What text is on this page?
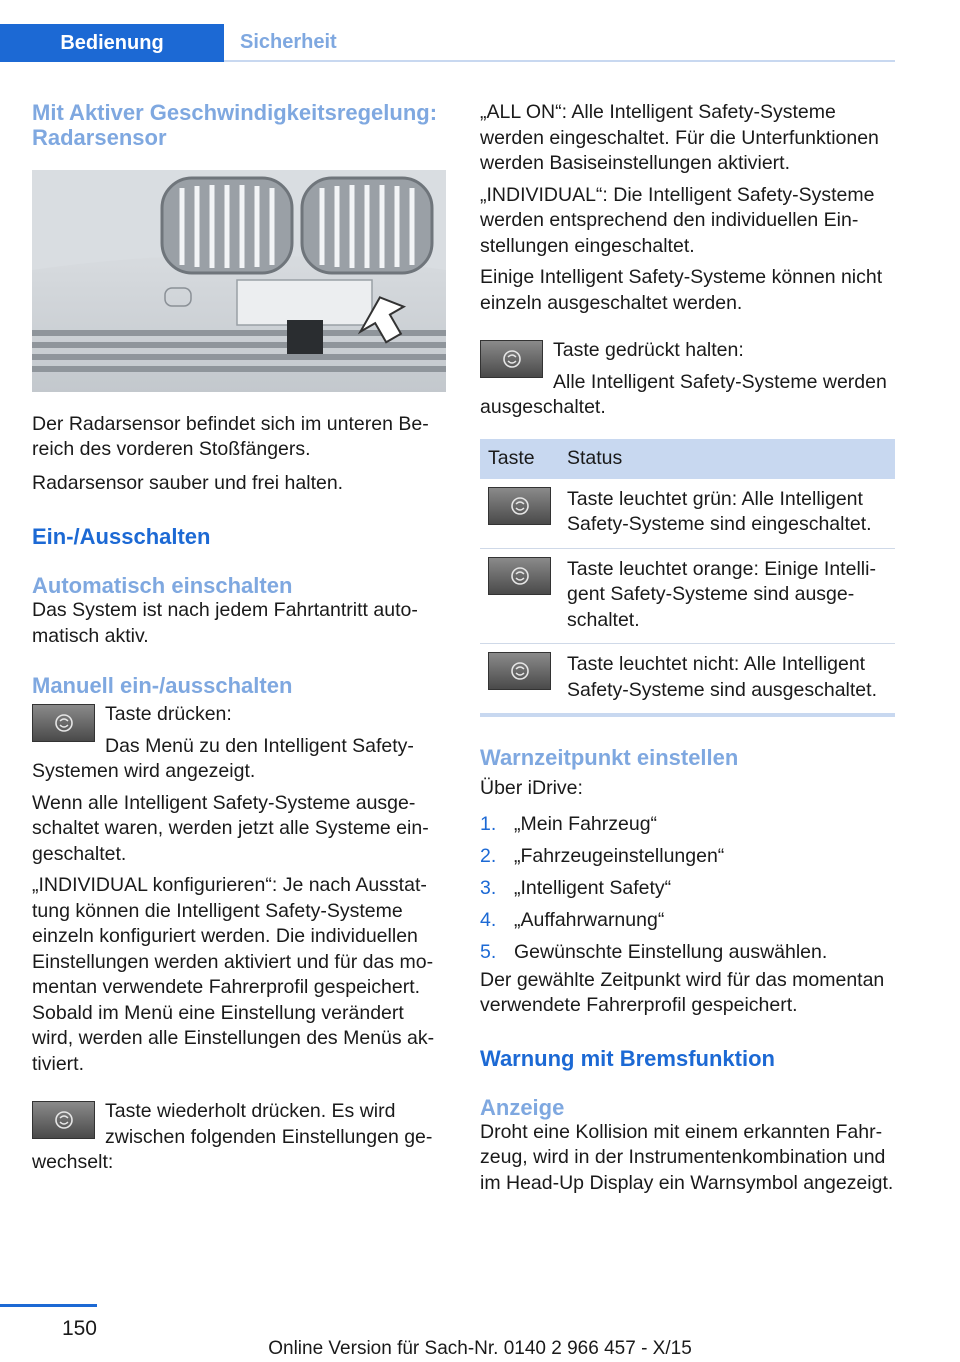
Bedienung	Sicherheit
Mit Aktiver Geschwindigkeitsregelung: Radarsensor

Der Radarsensor befindet sich im unteren Bereich des vorderen Stoßfängers.

Radarsensor sauber und frei halten.

Ein-/Ausschalten
Automatisch einschalten

Das System ist nach jedem Fahrtantritt automatisch aktiv.

Manuell ein-/ausschalten

Taste drücken:

Das Menü zu den Intelligent Safety-Systemen wird angezeigt.

Wenn alle Intelligent Safety-Systeme ausgeschaltet waren, werden jetzt alle Systeme eingeschaltet.

„INDIVIDUAL konfigurieren“: Je nach Ausstattung können die Intelligent Safety-Systeme einzeln konfiguriert werden. Die individuellen Einstellungen werden aktiviert und für das momentan verwendete Fahrerprofil gespeichert. Sobald im Menü eine Einstellung verändert wird, werden alle Einstellungen des Menüs aktiviert.

Taste wiederholt drücken. Es wird zwischen folgenden Einstellungen gewechselt:

„ALL ON“: Alle Intelligent Safety-Systeme werden eingeschaltet. Für die Unterfunktionen werden Basiseinstellungen aktiviert.

„INDIVIDUAL“: Die Intelligent Safety-Systeme werden entsprechend den individuellen Einstellungen eingeschaltet.

Einige Intelligent Safety-Systeme können nicht einzeln ausgeschaltet werden.

Taste gedrückt halten:

Alle Intelligent Safety-Systeme werden ausgeschaltet.

Taste	Status

	Taste leuchtet grün: Alle Intelligent Safety-Systeme sind eingeschaltet.

	Taste leuchtet orange: Einige Intelligent Safety-Systeme sind ausgeschaltet.

	Taste leuchtet nicht: Alle Intelligent Safety-Systeme sind ausgeschaltet.
Warnzeitpunkt einstellen

Über iDrive:

1. „Mein Fahrzeug“
2. „Fahrzeugeinstellungen“
3. „Intelligent Safety“
4. „Auffahrwarnung“
5. Gewünschte Einstellung auswählen.

Der gewählte Zeitpunkt wird für das momentan verwendete Fahrerprofil gespeichert.

Warnung mit Bremsfunktion
Anzeige

Droht eine Kollision mit einem erkannten Fahrzeug, wird in der Instrumentenkombination und im Head-Up Display ein Warnsymbol angezeigt.

150
Online Version für Sach-Nr. 0140 2 966 457 - X/15
